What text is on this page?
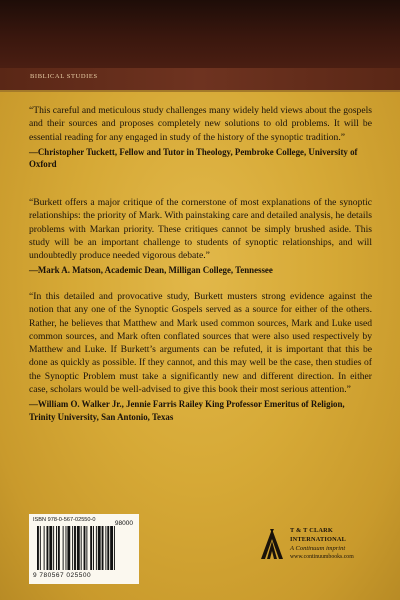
BIBLICAL STUDIES

“This careful and meticulous study challenges many widely held views about the gospels and their sources and proposes completely new solutions to old problems. It will be essential reading for any engaged in study of the history of the synoptic tradition.”

—Christopher Tuckett, Fellow and Tutor in Theology, Pembroke College, University of Oxford

“Burkett offers a major critique of the cornerstone of most explanations of the synoptic relationships: the priority of Mark. With painstaking care and detailed analysis, he details problems with Markan priority. These critiques cannot be simply brushed aside. This study will be an important challenge to students of synoptic relationships, and will undoubtedly produce needed vigorous debate.”

—Mark A. Matson, Academic Dean, Milligan College, Tennessee

“In this detailed and provocative study, Burkett musters strong evidence against the notion that any one of the Synoptic Gospels served as a source for either of the others. Rather, he believes that Matthew and Mark used common sources, Mark and Luke used common sources, and Mark often conflated sources that were also used respectively by Matthew and Luke. If Burkett’s arguments can be refuted, it is important that this be done as quickly as possible. If they cannot, and this may well be the case, then studies of the Synoptic Problem must take a significantly new and different direction. In either case, scholars would be well-advised to give this book their most serious attention.”

—William O. Walker Jr., Jennie Farris Railey King Professor Emeritus of Religion, Trinity University, San Antonio, Texas

ISBN 978-0-567-02550-0	98000
9 780567 025500
T & T CLARK INTERNATIONAL
A Continuum imprint
www.continuumbooks.com
